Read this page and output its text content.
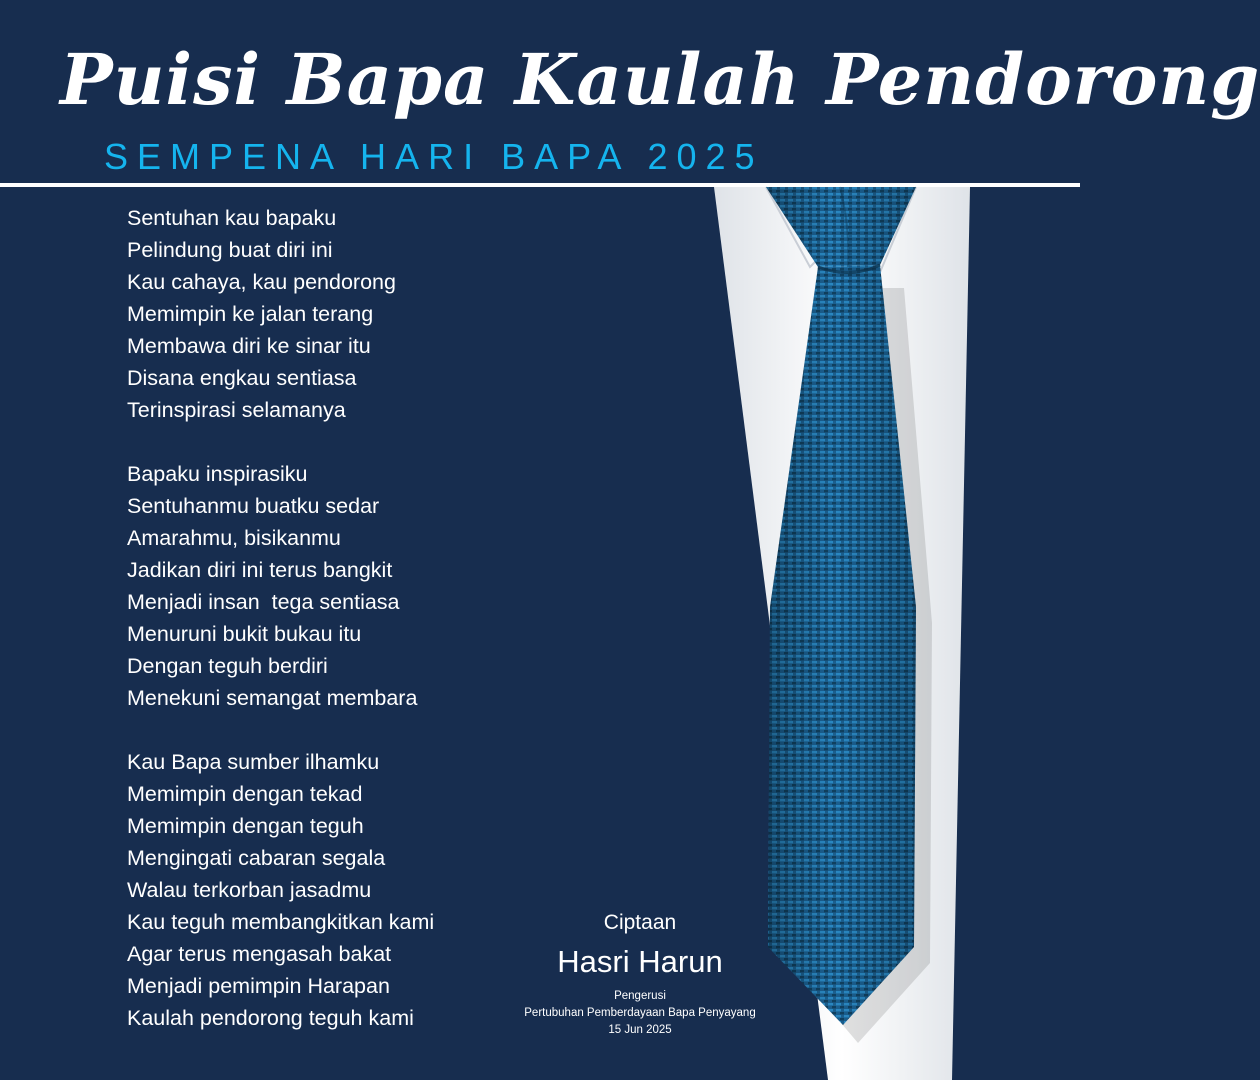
Puisi Bapa Kaulah Pendorong
SEMPENA HARI BAPA 2025
Sentuhan kau bapaku
Pelindung buat diri ini
Kau cahaya, kau pendorong
Memimpin ke jalan terang
Membawa diri ke sinar itu
Disana engkau sentiasa
Terinspirasi selamanya
Bapaku inspirasiku
Sentuhanmu buatku sedar
Amarahmu, bisikanmu
Jadikan diri ini terus bangkit
Menjadi insan  tega sentiasa
Menuruni bukit bukau itu
Dengan teguh berdiri
Menekuni semangat membara
Kau Bapa sumber ilhamku
Memimpin dengan tekad
Memimpin dengan teguh
Mengingati cabaran segala
Walau terkorban jasadmu
Kau teguh membangkitkan kami
Agar terus mengasah bakat
Menjadi pemimpin Harapan
Kaulah pendorong teguh kami
Ciptaan
Hasri Harun
Pengerusi
Pertubuhan Pemberdayaan Bapa Penyayang
15 Jun 2025
